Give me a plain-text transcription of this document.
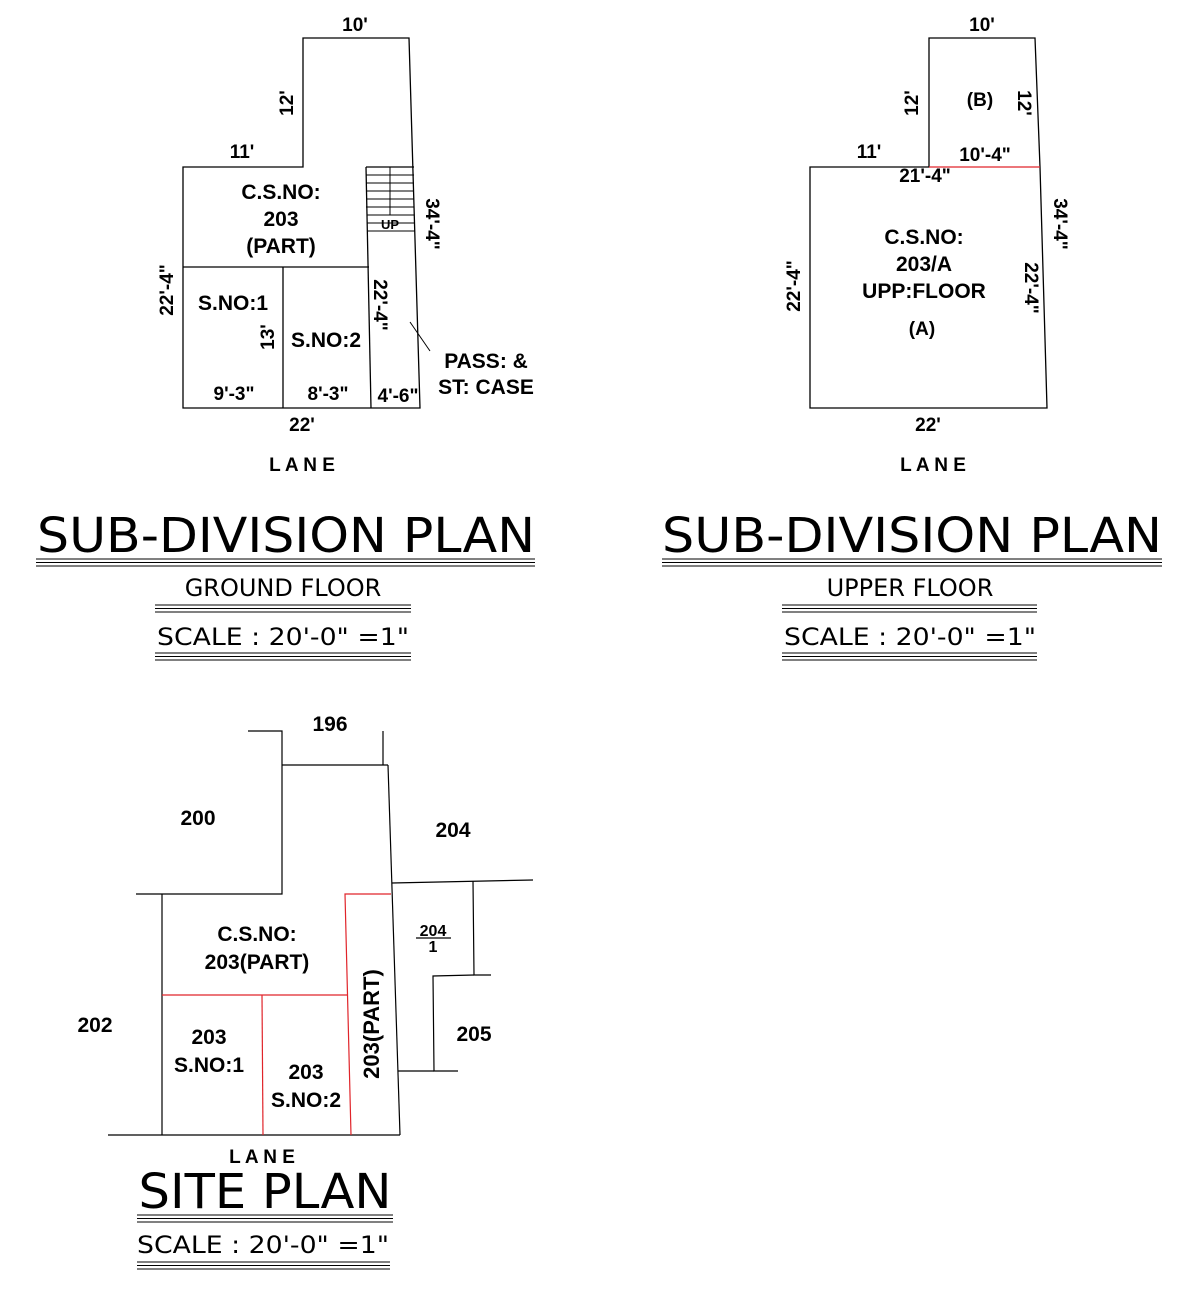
10'
12'
11'
22'-4"
34'-4"
22'-4"
13'
22'
9'-3"	8'-3" 4'-6"
C.S.NO:
203
(PART)
S.NO:1
S.NO:2
UP
PASS: &
ST: CASE
L A N E
SUB-DIVISION PLAN
GROUND FLOOR
SCALE : 20'-0" =1"
10'
12'	12'
(B)
11'	10'-4"
21'-4"
22'-4"
34'-4"
22'-4"
22'
C.S.NO:
203/A
UPP:FLOOR
(A)
L A N E
SUB-DIVISION PLAN
UPPER FLOOR
SCALE : 20'-0" =1"
196
200
204
202
204
1
205
C.S.NO:
203(PART)
203
S.NO:1 203
S.NO:2
203(PART)
L A N E
SITE PLAN
SCALE : 20'-0" =1"
